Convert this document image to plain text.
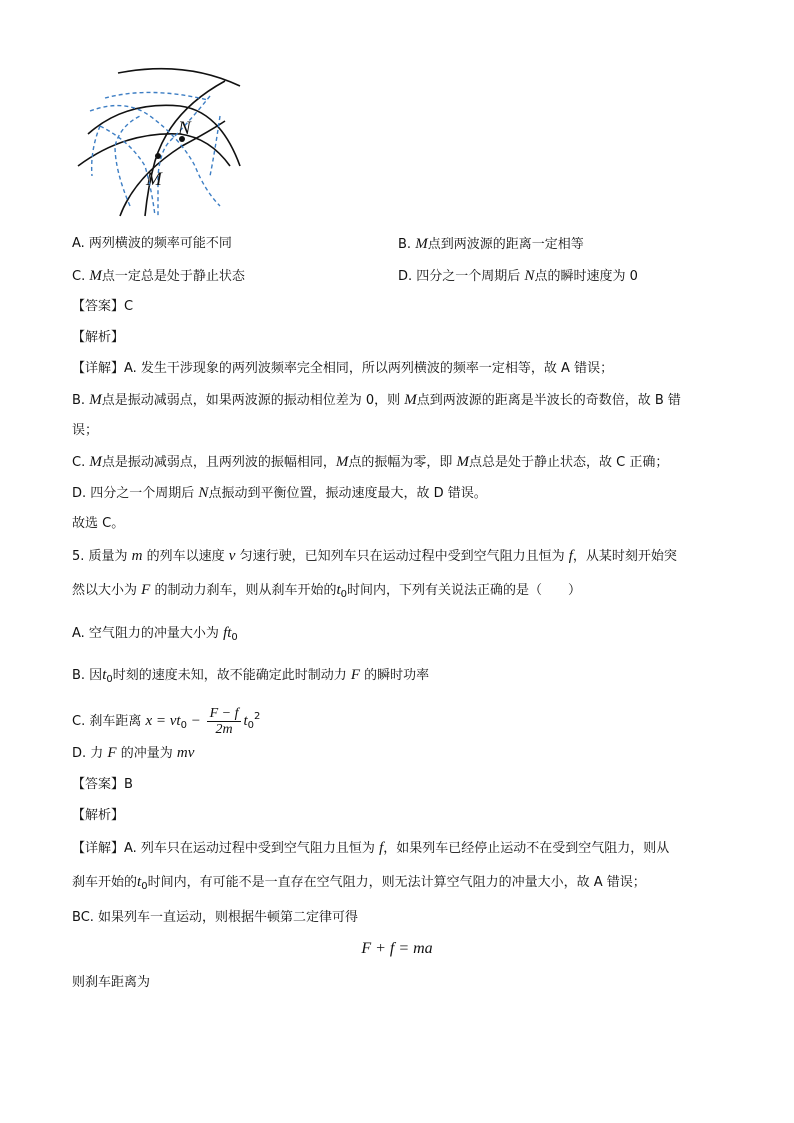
N
M
A. 两列横波的频率可能不同	B. M点到两波源的距离一定相等
C. M点一定总是处于静止状态	D. 四分之一个周期后 N点的瞬时速度为 0
【答案】C
【解析】
【详解】A. 发生干涉现象的两列波频率完全相同，所以两列横波的频率一定相等，故 A 错误；
B. M点是振动减弱点，如果两波源的振动相位差为 0，则 M点到两波源的距离是半波长的奇数倍，故 B 错
误；
C. M点是振动减弱点，且两列波的振幅相同，M点的振幅为零，即 M点总是处于静止状态，故 C 正确；
D. 四分之一个周期后 N点振动到平衡位置，振动速度最大，故 D 错误。
故选 C。
5. 质量为 m 的列车以速度 v 匀速行驶，已知列车只在运动过程中受到空气阻力且恒为 f，从某时刻开始突
然以大小为 F 的制动力刹车，则从刹车开始的$t_0$时间内，下列有关说法正确的是（　　）
A. 空气阻力的冲量大小为 $ft_0$
B. 因$t_0$时刻的速度未知，故不能确定此时制动力 F 的瞬时功率
C. 刹车距离 $x = vt_0 - \frac{F - f}{2m} t_0^2$
D. 力 F 的冲量为 mv
【答案】B
【解析】
【详解】A. 列车只在运动过程中受到空气阻力且恒为 f，如果列车已经停止运动不在受到空气阻力，则从
刹车开始的$t_0$时间内，有可能不是一直存在空气阻力，则无法计算空气阻力的冲量大小，故 A 错误；
BC. 如果列车一直运动，则根据牛顿第二定律可得
F + f = ma
则刹车距离为
